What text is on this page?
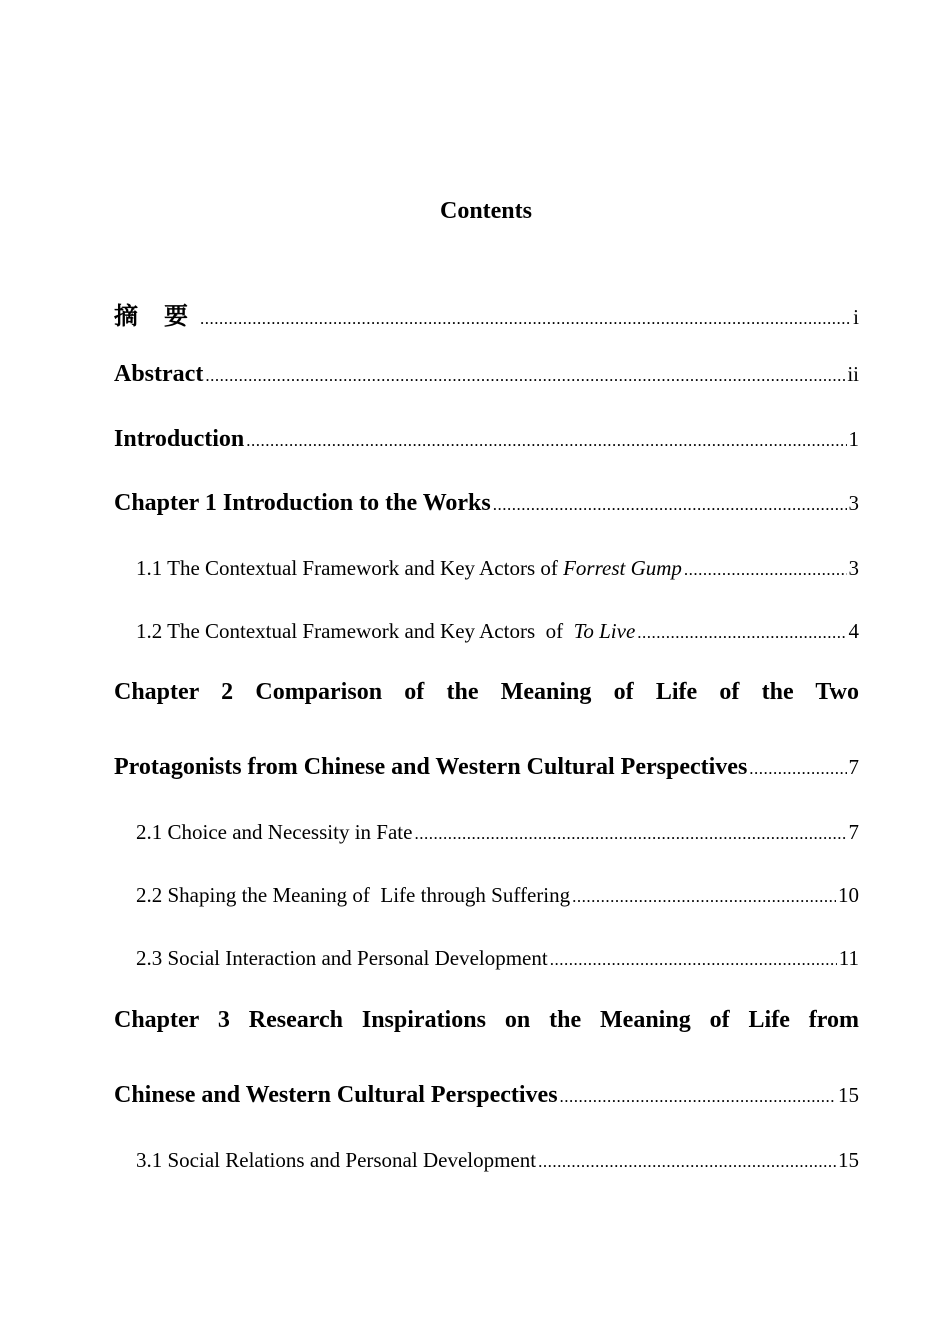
Contents
摘 要 .....	i
Abstract .....	ii
Introduction .....	1
Chapter 1 Introduction to the Works .....	3
1.1 The Contextual Framework and Key Actors of Forrest Gump .....	3
1.2 The Contextual Framework and Key Actors  of  To Live .....	4
Chapter 2 Comparison of the Meaning of Life of the Two
Protagonists from Chinese and Western Cultural Perspectives .....	7
2.1 Choice and Necessity in Fate .....	7
2.2 Shaping the Meaning of  Life through Suffering .....	10
2.3 Social Interaction and Personal Development .....	11
Chapter 3 Research Inspirations on the Meaning of Life from
Chinese and Western Cultural Perspectives .....	15
3.1 Social Relations and Personal Development .....	15
